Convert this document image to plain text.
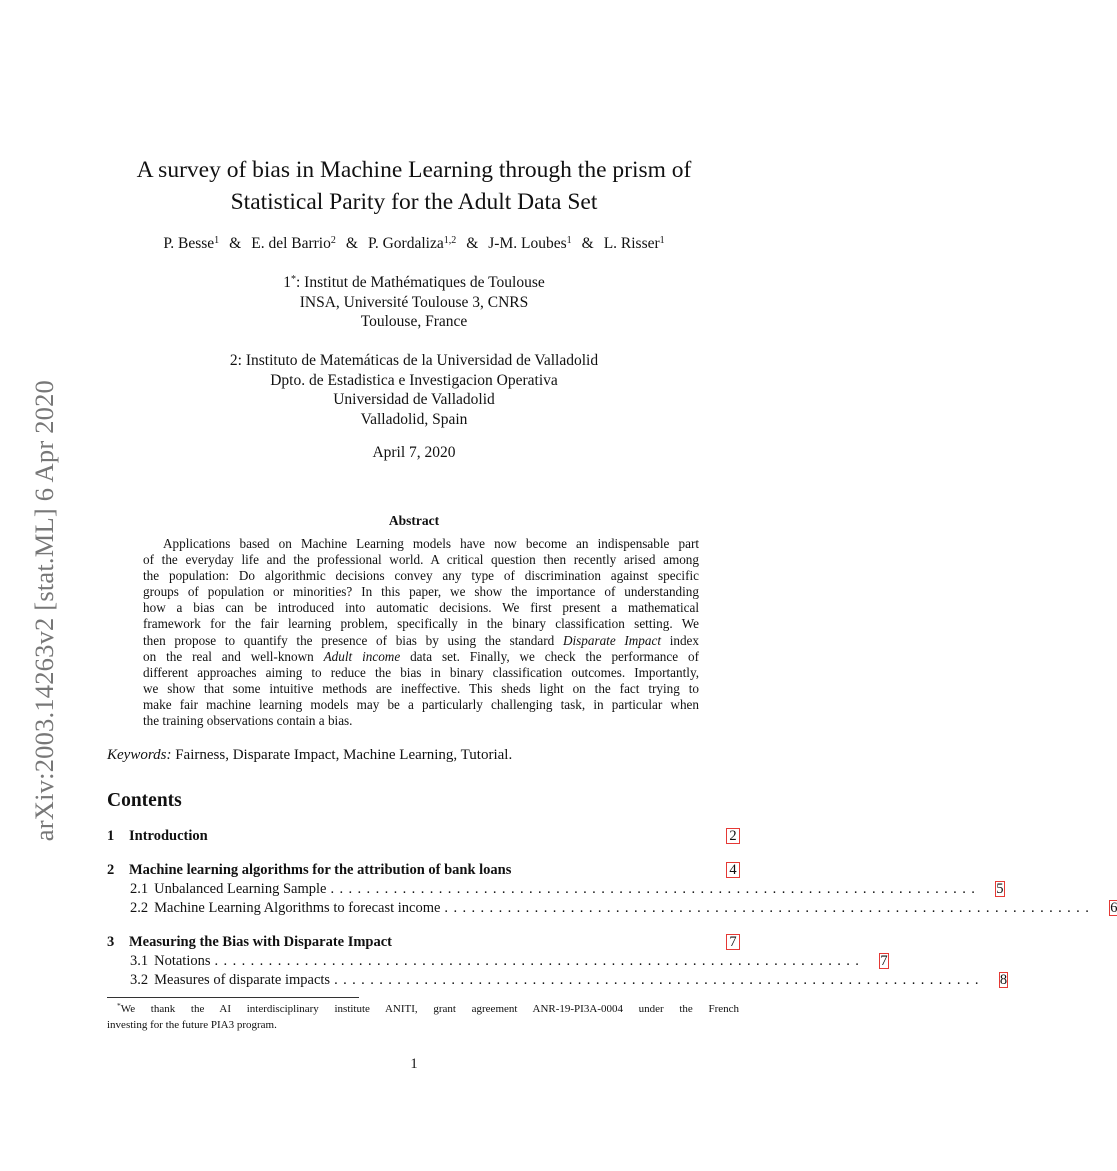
arXiv:2003.14263v2 [stat.ML] 6 Apr 2020
A survey of bias in Machine Learning through the prism of
Statistical Parity for the Adult Data Set
P. Besse$^1$ & E. del Barrio$^2$ & P. Gordaliza$^{1,2}$ & J-M. Loubes$^1$ & L. Risser$^1$
1*: Institut de Mathématiques de Toulouse
INSA, Université Toulouse 3, CNRS
Toulouse, France
2: Instituto de Matemáticas de la Universidad de Valladolid
Dpto. de Estadistica e Investigacion Operativa
Universidad de Valladolid
Valladolid, Spain
April 7, 2020
Abstract
Applications based on Machine Learning models have now become an indispensable part
of the everyday life and the professional world. A critical question then recently arised among
the population: Do algorithmic decisions convey any type of discrimination against specific
groups of population or minorities? In this paper, we show the importance of understanding
how a bias can be introduced into automatic decisions. We first present a mathematical
framework for the fair learning problem, specifically in the binary classification setting. We
then propose to quantify the presence of bias by using the standard Disparate Impact index
on the real and well-known Adult income data set. Finally, we check the performance of
different approaches aiming to reduce the bias in binary classification outcomes. Importantly,
we show that some intuitive methods are ineffective. This sheds light on the fact trying to
make fair machine learning models may be a particularly challenging task, in particular when
the training observations contain a bias.
Keywords: Fairness, Disparate Impact, Machine Learning, Tutorial.
Contents
1	Introduction	2
2	Machine learning algorithms for the attribution of bank loans	4
2.1 Unbalanced Learning Sample ........................................................................ 5
2.2 Machine Learning Algorithms to forecast income ........................................................................ 6
3	Measuring the Bias with Disparate Impact	7
3.1 Notations ........................................................................ 7
3.2 Measures of disparate impacts ........................................................................ 8
*We thank the AI interdisciplinary institute ANITI, grant agreement ANR-19-PI3A-0004 under the French
investing for the future PIA3 program.
1
